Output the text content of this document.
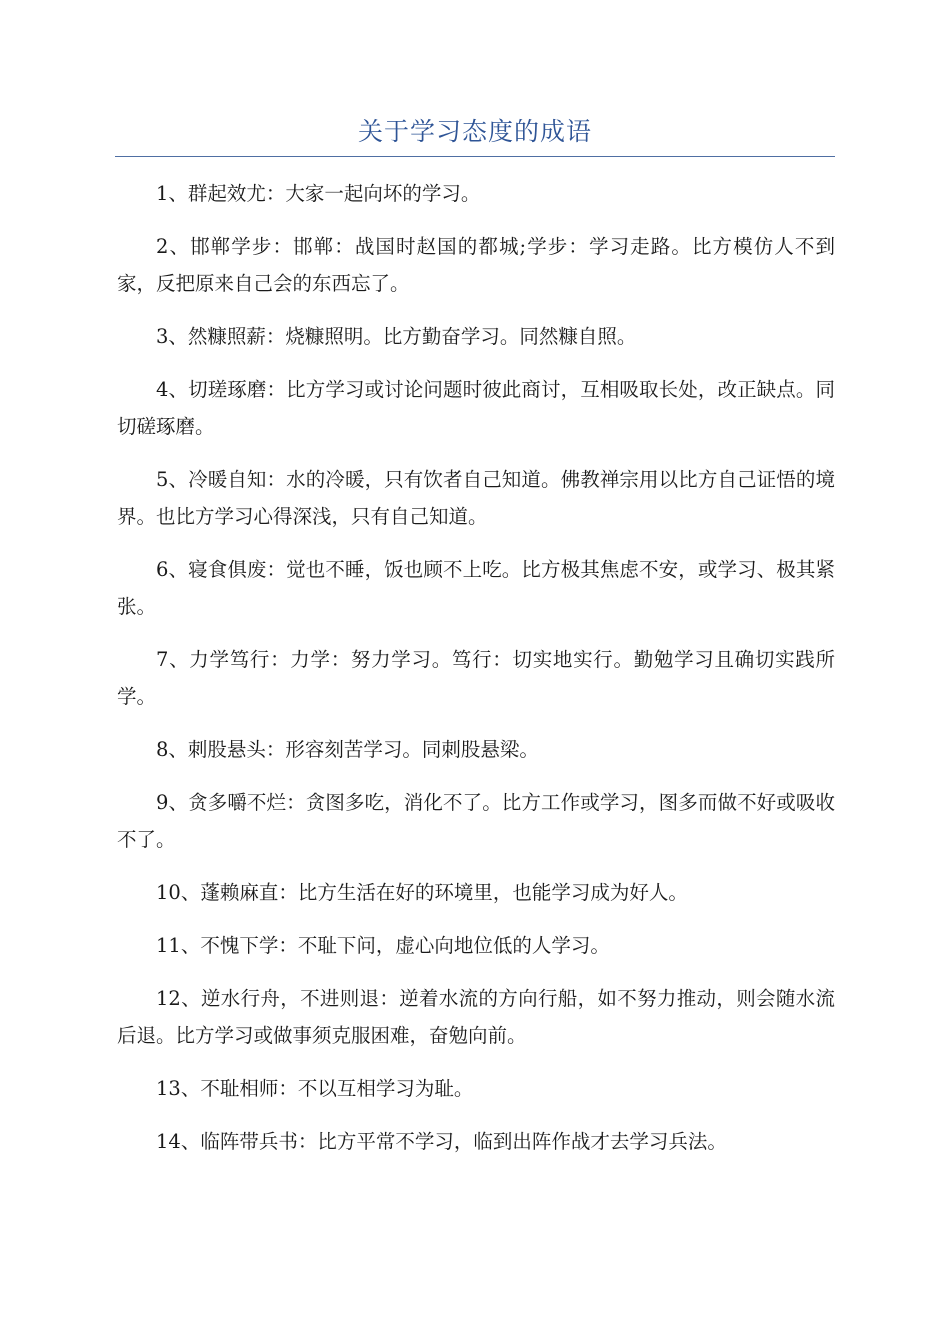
关于学习态度的成语

1、群起效尤：大家一起向坏的学习。

2、邯郸学步：邯郸：战国时赵国的都城;学步：学习走路。比方模仿人不到家，反把原来自己会的东西忘了。

3、然糠照薪：烧糠照明。比方勤奋学习。同然糠自照。

4、切瑳琢磨：比方学习或讨论问题时彼此商讨，互相吸取长处，改正缺点。同切磋琢磨。

5、冷暖自知：水的冷暖，只有饮者自己知道。佛教禅宗用以比方自己证悟的境界。也比方学习心得深浅，只有自己知道。

6、寝食俱废：觉也不睡，饭也顾不上吃。比方极其焦虑不安，或学习、极其紧张。

7、力学笃行：力学：努力学习。笃行：切实地实行。勤勉学习且确切实践所学。

8、刺股悬头：形容刻苦学习。同刺股悬梁。

9、贪多嚼不烂：贪图多吃，消化不了。比方工作或学习，图多而做不好或吸收不了。

10、蓬赖麻直：比方生活在好的环境里，也能学习成为好人。

11、不愧下学：不耻下问，虚心向地位低的人学习。

12、逆水行舟，不进则退：逆着水流的方向行船，如不努力推动，则会随水流后退。比方学习或做事须克服困难，奋勉向前。

13、不耻相师：不以互相学习为耻。

14、临阵带兵书：比方平常不学习，临到出阵作战才去学习兵法。
